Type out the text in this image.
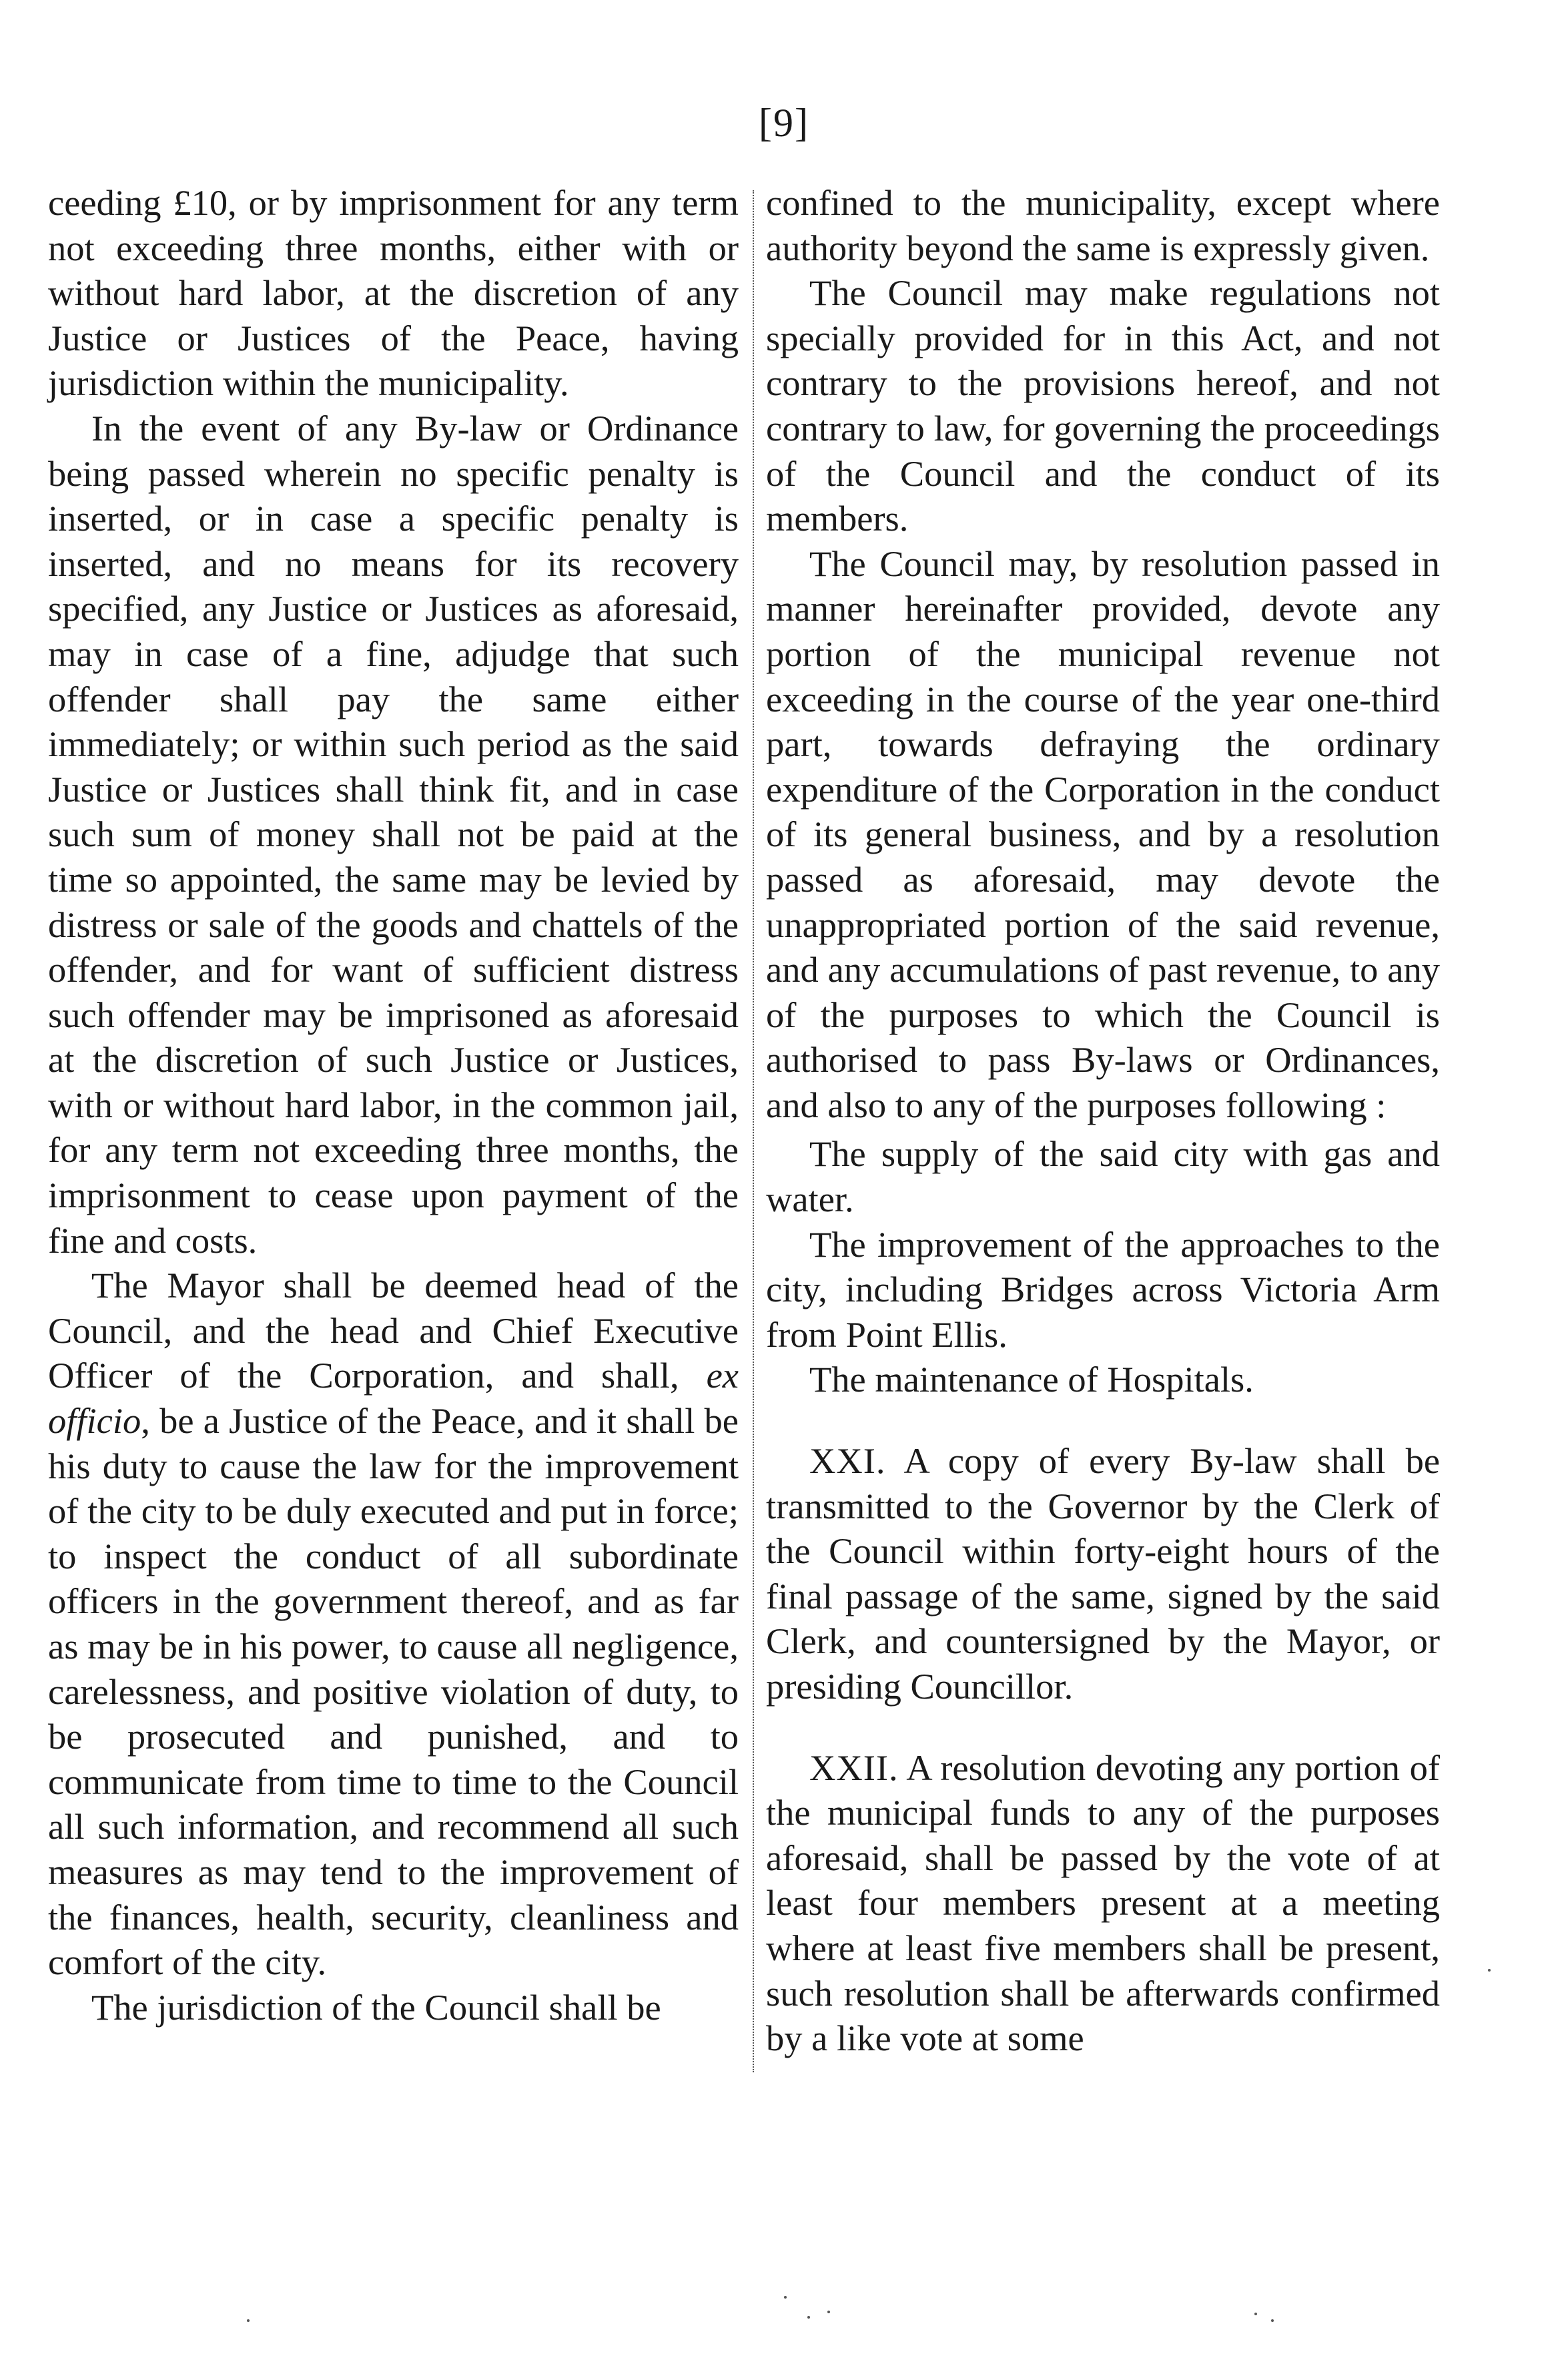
[9]

ceeding £10, or by imprisonment for any term not exceeding three months, either with or without hard labor, at the discretion of any Justice or Justices of the Peace, having jurisdiction within the municipality.

In the event of any By-law or Ordinance being passed wherein no specific penalty is inserted, or in case a specific penalty is inserted, and no means for its recovery specified, any Justice or Justices as aforesaid, may in case of a fine, adjudge that such offender shall pay the same either immediately; or within such period as the said Justice or Justices shall think fit, and in case such sum of money shall not be paid at the time so appointed, the same may be levied by distress or sale of the goods and chattels of the offender, and for want of sufficient distress such offender may be imprisoned as aforesaid at the discretion of such Justice or Justices, with or without hard labor, in the common jail, for any term not exceeding three months, the imprisonment to cease upon payment of the fine and costs.

The Mayor shall be deemed head of the Council, and the head and Chief Executive Officer of the Corporation, and shall, ex officio, be a Justice of the Peace, and it shall be his duty to cause the law for the improvement of the city to be duly executed and put in force; to inspect the conduct of all subordinate officers in the government thereof, and as far as may be in his power, to cause all negligence, carelessness, and positive violation of duty, to be prosecuted and punished, and to communicate from time to time to the Council all such information, and recommend all such measures as may tend to the improvement of the finances, health, security, cleanliness and comfort of the city.

The jurisdiction of the Council shall be

confined to the municipality, except where authority beyond the same is expressly given.

The Council may make regulations not specially provided for in this Act, and not contrary to the provisions hereof, and not contrary to law, for governing the proceedings of the Council and the conduct of its members.

The Council may, by resolution passed in manner hereinafter provided, devote any portion of the municipal revenue not exceeding in the course of the year one-third part, towards defraying the ordinary expenditure of the Corporation in the conduct of its general business, and by a resolution passed as aforesaid, may devote the unappropriated portion of the said revenue, and any accumulations of past revenue, to any of the purposes to which the Council is authorised to pass By-laws or Ordinances, and also to any of the purposes following :

The supply of the said city with gas and water.

The improvement of the approaches to the city, including Bridges across Victoria Arm from Point Ellis.

The maintenance of Hospitals.

XXI. A copy of every By-law shall be transmitted to the Governor by the Clerk of the Council within forty-eight hours of the final passage of the same, signed by the said Clerk, and countersigned by the Mayor, or presiding Councillor.

XXII. A resolution devoting any portion of the municipal funds to any of the purposes aforesaid, shall be passed by the vote of at least four members present at a meeting where at least five members shall be present, such resolution shall be afterwards confirmed by a like vote at some
